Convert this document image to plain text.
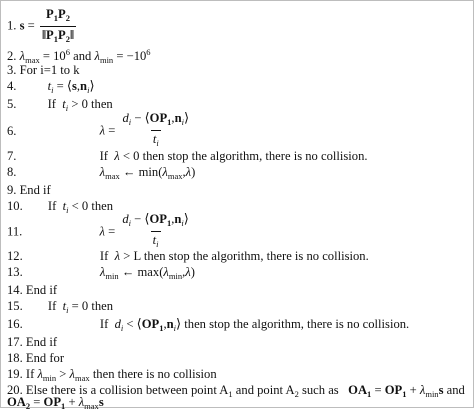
1. $s = \frac{P_1P_2}{‖P_1P_2‖}$
2. $\lambda_{max} = 10^6$ and $\lambda_{min} = -10^6$
3. For i=1 to k
4. $t_i$ = $⟨s,n_i⟩$
5. If $t_i > 0$ then
6.	$\lambda = \frac{d_i - ⟨OP_1,n_i⟩}{t_i}$
7.	If λ < 0 then stop the algorithm, there is no collision.
8.	$\lambda_{max}$ ← $\min(\lambda_{max},\lambda)$
9. End if
10. If $t_i < 0$ then
11.	$\lambda = \frac{d_i - ⟨OP_1,n_i⟩}{t_i}$
12.	If λ > L then stop the algorithm, there is no collision.
13.	$\lambda_{min}$ ← $\max(\lambda_{min},\lambda)$
14. End if
15. If $t_i = 0$ then
16.	If $d_i$ < $⟨OP_1,n_i⟩$ then stop the algorithm, there is no collision.
17. End if
18. End for
19. If $\lambda_{min} > \lambda_{max}$ then there is no collision
20. Else there is a collision between point $A_1$ and point $A_2$ such as $OA_1 = OP_1 + \lambda_{min}s$ and
$OA_2 = OP_1 + \lambda_{max}s$
